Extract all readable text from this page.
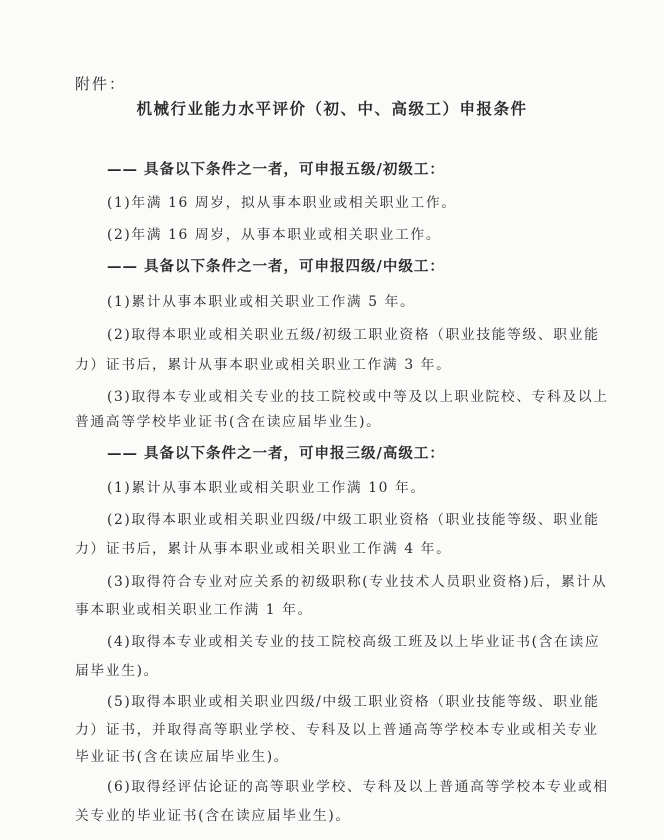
附件：
机械行业能力水平评价（初、中、高级工）申报条件
—— 具备以下条件之一者，可申报五级/初级工：
(1)年满 16 周岁，拟从事本职业或相关职业工作。
(2)年满 16 周岁，从事本职业或相关职业工作。
—— 具备以下条件之一者，可申报四级/中级工：
(1)累计从事本职业或相关职业工作满 5 年。
(2)取得本职业或相关职业五级/初级工职业资格（职业技能等级、职业能
力）证书后，累计从事本职业或相关职业工作满 3 年。
(3)取得本专业或相关专业的技工院校或中等及以上职业院校、专科及以上
普通高等学校毕业证书(含在读应届毕业生)。
—— 具备以下条件之一者，可申报三级/高级工：
(1)累计从事本职业或相关职业工作满 10 年。
(2)取得本职业或相关职业四级/中级工职业资格（职业技能等级、职业能
力）证书后，累计从事本职业或相关职业工作满 4 年。
(3)取得符合专业对应关系的初级职称(专业技术人员职业资格)后，累计从
事本职业或相关职业工作满 1 年。
(4)取得本专业或相关专业的技工院校高级工班及以上毕业证书(含在读应
届毕业生)。
(5)取得本职业或相关职业四级/中级工职业资格（职业技能等级、职业能
力）证书，并取得高等职业学校、专科及以上普通高等学校本专业或相关专业
毕业证书(含在读应届毕业生)。
(6)取得经评估论证的高等职业学校、专科及以上普通高等学校本专业或相
关专业的毕业证书(含在读应届毕业生)。
